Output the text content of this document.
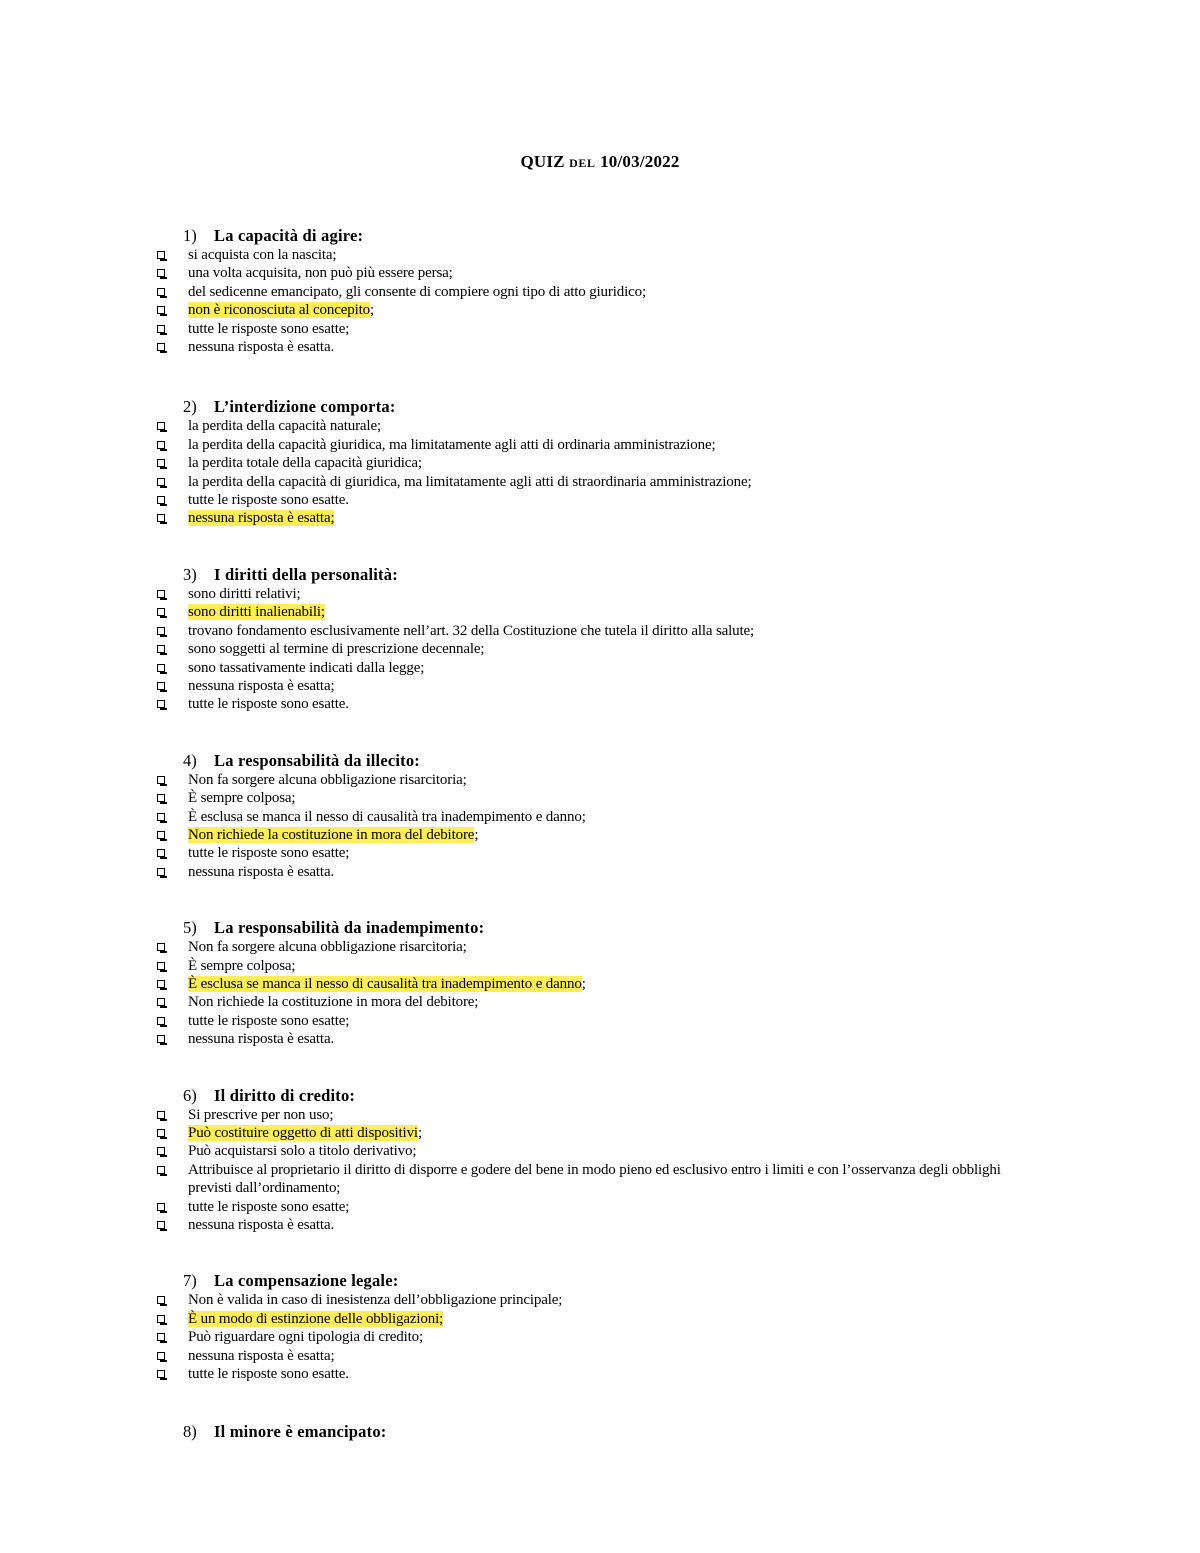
QUIZ DEL 10/03/2022
1) La capacità di agire:
si acquista con la nascita;
una volta acquisita, non può più essere persa;
del sedicenne emancipato, gli consente di compiere ogni tipo di atto giuridico;
non è riconosciuta al concepito;
tutte le risposte sono esatte;
nessuna risposta è esatta.
2) L’interdizione comporta:
la perdita della capacità naturale;
la perdita della capacità giuridica, ma limitatamente agli atti di ordinaria amministrazione;
la perdita totale della capacità giuridica;
la perdita della capacità di giuridica, ma limitatamente agli atti di straordinaria amministrazione;
tutte le risposte sono esatte.
nessuna risposta è esatta;
3) I diritti della personalità:
sono diritti relativi;
sono diritti inalienabili;
trovano fondamento esclusivamente nell’art. 32 della Costituzione che tutela il diritto alla salute;
sono soggetti al termine di prescrizione decennale;
sono tassativamente indicati dalla legge;
nessuna risposta è esatta;
tutte le risposte sono esatte.
4) La responsabilità da illecito:
Non fa sorgere alcuna obbligazione risarcitoria;
È sempre colposa;
È esclusa se manca il nesso di causalità tra inadempimento e danno;
Non richiede la costituzione in mora del debitore;
tutte le risposte sono esatte;
nessuna risposta è esatta.
5) La responsabilità da inadempimento:
Non fa sorgere alcuna obbligazione risarcitoria;
È sempre colposa;
È esclusa se manca il nesso di causalità tra inadempimento e danno;
Non richiede la costituzione in mora del debitore;
tutte le risposte sono esatte;
nessuna risposta è esatta.
6) Il diritto di credito:
Si prescrive per non uso;
Può costituire oggetto di atti dispositivi;
Può acquistarsi solo a titolo derivativo;
Attribuisce al proprietario il diritto di disporre e godere del bene in modo pieno ed esclusivo entro i limiti e con l’osservanza degli obblighi previsti dall’ordinamento;
tutte le risposte sono esatte;
nessuna risposta è esatta.
7) La compensazione legale:
Non è valida in caso di inesistenza dell’obbligazione principale;
È un modo di estinzione delle obbligazioni;
Può riguardare ogni tipologia di credito;
nessuna risposta è esatta;
tutte le risposte sono esatte.
8) Il minore è emancipato:
